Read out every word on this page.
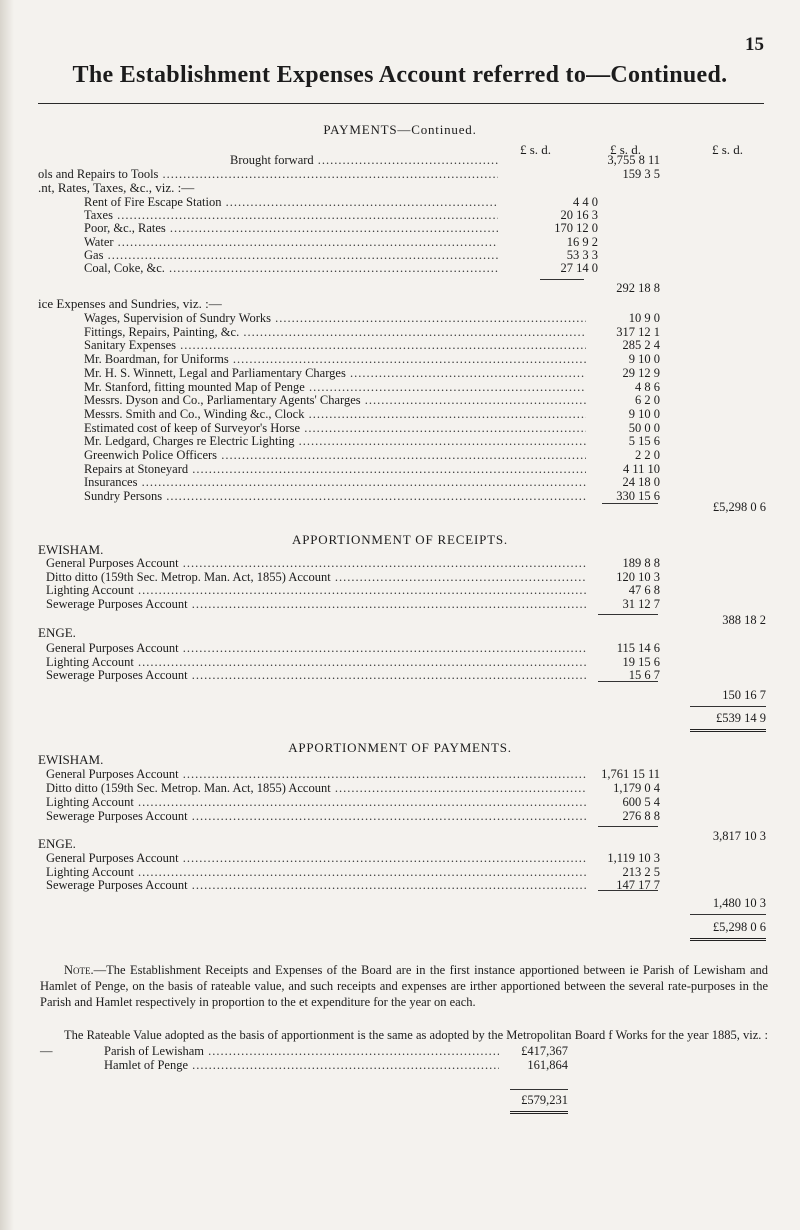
15
The Establishment Expenses Account referred to—Continued.
PAYMENTS—Continued.
£ s. d.	£ s. d.	£ s. d.
Brought forward .....	3,755 8 11
ols and Repairs to Tools .....	159 3 5
.nt, Rates, Taxes, &c., viz. :—
Rent of Fire Escape Station .....	4 4 0
Taxes .....	20 16 3
Poor, &c., Rates .....	170 12 0
Water .....	16 9 2
Gas .....	53 3 3
Coal, Coke, &c. .....	27 14 0
292 18 8
ice Expenses and Sundries, viz. :—
Wages, Supervision of Sundry Works .....	10 9 0
Fittings, Repairs, Painting, &c. .....	317 12 1
Sanitary Expenses .....	285 2 4
Mr. Boardman, for Uniforms .....	9 10 0
Mr. H. S. Winnett, Legal and Parliamentary Charges .....	29 12 9
Mr. Stanford, fitting mounted Map of Penge .....	4 8 6
Messrs. Dyson and Co., Parliamentary Agents' Charges .....	6 2 0
Messrs. Smith and Co., Winding &c., Clock .....	9 10 0
Estimated cost of keep of Surveyor's Horse .....	50 0 0
Mr. Ledgard, Charges re Electric Lighting .....	5 15 6
Greenwich Police Officers .....	2 2 0
Repairs at Stoneyard .....	4 11 10
Insurances .....	24 18 0
Sundry Persons .....	330 15 6
£5,298 0 6
APPORTIONMENT OF RECEIPTS.
EWISHAM.
General Purposes Account .....	189 8 8
Ditto ditto (159th Sec. Metrop. Man. Act, 1855) Account .....	120 10 3
Lighting Account .....	47 6 8
Sewerage Purposes Account .....	31 12 7
388 18 2
ENGE.
General Purposes Account .....	115 14 6
Lighting Account .....	19 15 6
Sewerage Purposes Account .....	15 6 7
150 16 7
£539 14 9
APPORTIONMENT OF PAYMENTS.
EWISHAM.
General Purposes Account .....	1,761 15 11
Ditto ditto (159th Sec. Metrop. Man. Act, 1855) Account .....	1,179 0 4
Lighting Account .....	600 5 4
Sewerage Purposes Account .....	276 8 8
3,817 10 3
ENGE.
General Purposes Account .....	1,119 10 3
Lighting Account .....	213 2 5
Sewerage Purposes Account .....	147 17 7
1,480 10 3
£5,298 0 6
Note.—The Establishment Receipts and Expenses of the Board are in the first instance apportioned between ie Parish of Lewisham and Hamlet of Penge, on the basis of rateable value, and such receipts and expenses are irther apportioned between the several rate-purposes in the Parish and Hamlet respectively in proportion to the et expenditure for the year on each.
The Rateable Value adopted as the basis of apportionment is the same as adopted by the Metropolitan Board f Works for the year 1885, viz. :—	Parish of Lewisham .....	£417,367
Hamlet of Penge .....	161,864
£579,231
